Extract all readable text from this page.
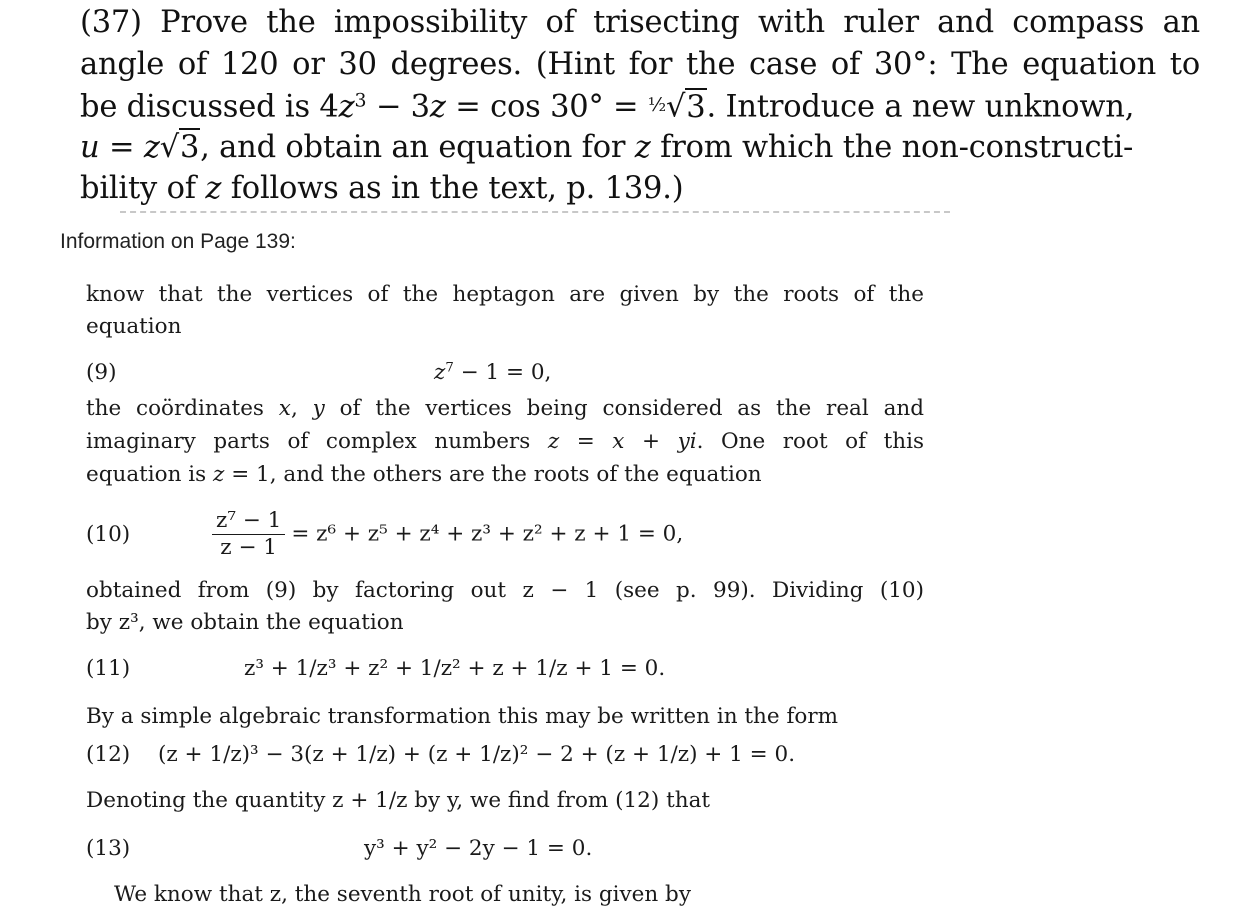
(37) Prove the impossibility of trisecting with ruler and compass an
angle of 120 or 30 degrees. (Hint for the case of 30°: The equation to
be discussed is $4z^3 - 3z = \cos 30^\circ$ = ½√3. Introduce a new unknown,
u = z√3, and obtain an equation for z from which the non-constructi-
bility of z follows as in the text, p. 139.)
Information on Page 139:
know that the vertices of the heptagon are given by the roots of the
equation
(9)	$z^7 - 1 = 0$,
the coördinates x, y of the vertices being considered as the real and
imaginary parts of complex numbers z = x + yi. One root of this
equation is z = 1, and the others are the roots of the equation
(10)	$\frac{\text{z⁷ − 1}}{z - 1} = z^6 + z^5 + z^4 + z^3 + z^2 + z + 1 = 0$,
obtained from (9) by factoring out z − 1 (see p. 99). Dividing (10)
by z³, we obtain the equation
(11)	z³ + 1/z³ + z² + 1/z² + z + 1/z + 1 = 0.
By a simple algebraic transformation this may be written in the form
(12) (z + 1/z)³ − 3(z + 1/z) + (z + 1/z)² − 2 + (z + 1/z) + 1 = 0.
Denoting the quantity z + 1/z by y, we find from (12) that
(13)	y³ + y² − 2y − 1 = 0.
We know that z, the seventh root of unity, is given by
